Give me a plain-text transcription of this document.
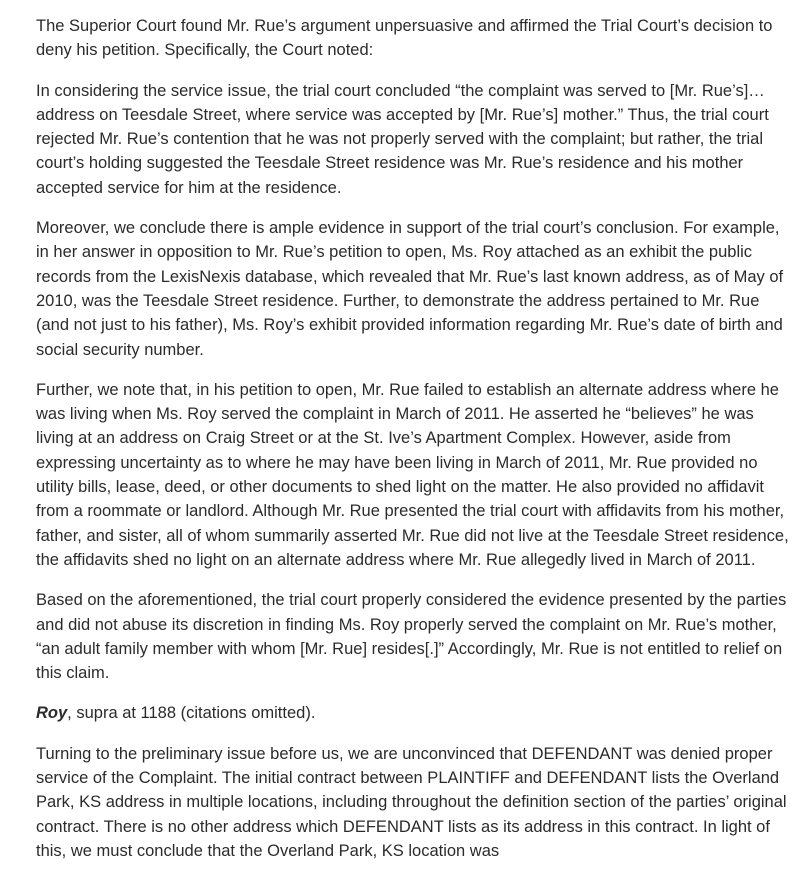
The Superior Court found Mr. Rue’s argument unpersuasive and affirmed the Trial Court’s decision to deny his petition. Specifically, the Court noted:

In considering the service issue, the trial court concluded “the complaint was served to [Mr. Rue’s]…address on Teesdale Street, where service was accepted by [Mr. Rue’s] mother.” Thus, the trial court rejected Mr. Rue’s contention that he was not properly served with the complaint; but rather, the trial court’s holding suggested the Teesdale Street residence was Mr. Rue’s residence and his mother accepted service for him at the residence.

Moreover, we conclude there is ample evidence in support of the trial court’s conclusion. For example, in her answer in opposition to Mr. Rue’s petition to open, Ms. Roy attached as an exhibit the public records from the LexisNexis database, which revealed that Mr. Rue’s last known address, as of May of 2010, was the Teesdale Street residence. Further, to demonstrate the address pertained to Mr. Rue (and not just to his father), Ms. Roy’s exhibit provided information regarding Mr. Rue’s date of birth and social security number.

Further, we note that, in his petition to open, Mr. Rue failed to establish an alternate address where he was living when Ms. Roy served the complaint in March of 2011. He asserted he “believes” he was living at an address on Craig Street or at the St. Ive’s Apartment Complex. However, aside from expressing uncertainty as to where he may have been living in March of 2011, Mr. Rue provided no utility bills, lease, deed, or other documents to shed light on the matter. He also provided no affidavit from a roommate or landlord. Although Mr. Rue presented the trial court with affidavits from his mother, father, and sister, all of whom summarily asserted Mr. Rue did not live at the Teesdale Street residence, the affidavits shed no light on an alternate address where Mr. Rue allegedly lived in March of 2011.

Based on the aforementioned, the trial court properly considered the evidence presented by the parties and did not abuse its discretion in finding Ms. Roy properly served the complaint on Mr. Rue’s mother, “an adult family member with whom [Mr. Rue] resides[.]” Accordingly, Mr. Rue is not entitled to relief on this claim.

Roy, supra at 1188 (citations omitted).

Turning to the preliminary issue before us, we are unconvinced that DEFENDANT was denied proper service of the Complaint. The initial contract between PLAINTIFF and DEFENDANT lists the Overland Park, KS address in multiple locations, including throughout the definition section of the parties’ original contract. There is no other address which DEFENDANT lists as its address in this contract. In light of this, we must conclude that the Overland Park, KS location was
